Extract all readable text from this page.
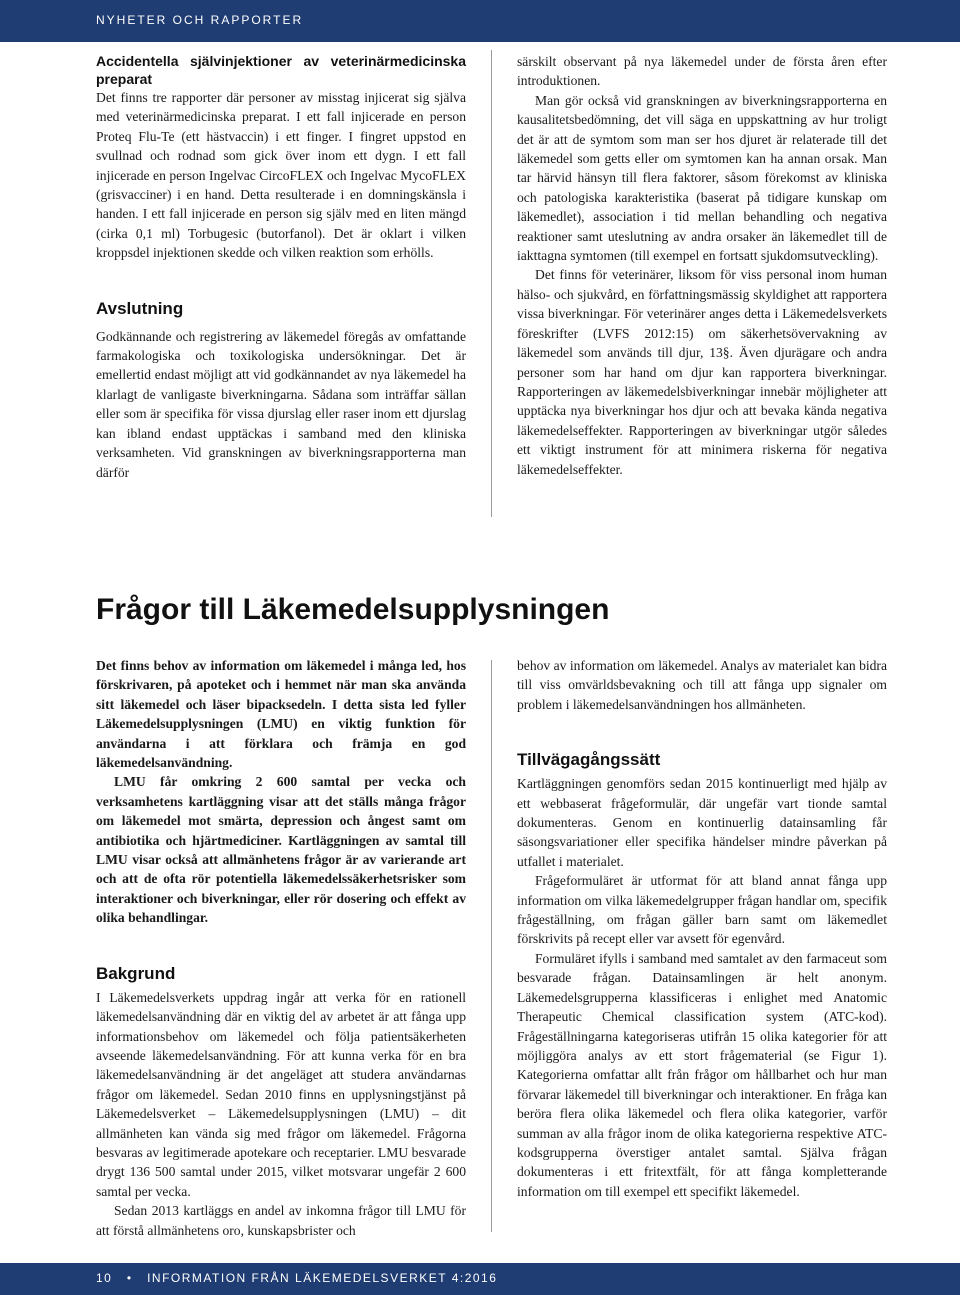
NYHETER OCH RAPPORTER
Accidentella självinjektioner av veterinärmedicinska preparat

Det finns tre rapporter där personer av misstag injicerat sig själva med veterinärmedicinska preparat. I ett fall injicerade en person Proteq Flu-Te (ett hästvaccin) i ett finger. I fingret uppstod en svullnad och rodnad som gick över inom ett dygn. I ett fall injicerade en person Ingelvac CircoFLEX och Ingelvac MycoFLEX (grisvacciner) i en hand. Detta resulterade i en domningskänsla i handen. I ett fall injicerade en person sig själv med en liten mängd (cirka 0,1 ml) Torbugesic (butorfanol). Det är oklart i vilken kroppsdel injektionen skedde och vilken reaktion som erhölls.

Avslutning

Godkännande och registrering av läkemedel föregås av omfattande farmakologiska och toxikologiska undersökningar. Det är emellertid endast möjligt att vid godkännandet av nya läkemedel ha klarlagt de vanligaste biverkningarna. Sådana som inträffar sällan eller som är specifika för vissa djurslag eller raser inom ett djurslag kan ibland endast upptäckas i samband med den kliniska verksamheten. Vid granskningen av biverkningsrapporterna man därför

särskilt observant på nya läkemedel under de första åren efter introduktionen.

Man gör också vid granskningen av biverkningsrapporterna en kausalitetsbedömning, det vill säga en uppskattning av hur troligt det är att de symtom som man ser hos djuret är relaterade till det läkemedel som getts eller om symtomen kan ha annan orsak. Man tar härvid hänsyn till flera faktorer, såsom förekomst av kliniska och patologiska karakteristika (baserat på tidigare kunskap om läkemedlet), association i tid mellan behandling och negativa reaktioner samt uteslutning av andra orsaker än läkemedlet till de iakttagna symtomen (till exempel en fortsatt sjukdomsutveckling).

Det finns för veterinärer, liksom för viss personal inom human hälso- och sjukvård, en författningsmässig skyldighet att rapportera vissa biverkningar. För veterinärer anges detta i Läkemedelsverkets föreskrifter (LVFS 2012:15) om säkerhetsövervakning av läkemedel som används till djur, 13§. Även djurägare och andra personer som har hand om djur kan rapportera biverkningar. Rapporteringen av läkemedelsbiverkningar innebär möjligheter att upptäcka nya biverkningar hos djur och att bevaka kända negativa läkemedelseffekter. Rapporteringen av biverkningar utgör således ett viktigt instrument för att minimera riskerna för negativa läkemedelseffekter.

Frågor till Läkemedelsupplysningen

Det finns behov av information om läkemedel i många led, hos förskrivaren, på apoteket och i hemmet när man ska använda sitt läkemedel och läser bipacksedeln. I detta sista led fyller Läkemedelsupplysningen (LMU) en viktig funktion för användarna i att förklara och främja en god läkemedelsanvändning.

LMU får omkring 2 600 samtal per vecka och verksamhetens kartläggning visar att det ställs många frågor om läkemedel mot smärta, depression och ångest samt om antibiotika och hjärtmediciner. Kartläggningen av samtal till LMU visar också att allmänhetens frågor är av varierande art och att de ofta rör potentiella läkemedelssäkerhetsrisker som interaktioner och biverkningar, eller rör dosering och effekt av olika behandlingar.

Bakgrund

I Läkemedelsverkets uppdrag ingår att verka för en rationell läkemedelsanvändning där en viktig del av arbetet är att fånga upp informationsbehov om läkemedel och följa patientsäkerheten avseende läkemedelsanvändning. För att kunna verka för en bra läkemedelsanvändning är det angeläget att studera användarnas frågor om läkemedel. Sedan 2010 finns en upplysningstjänst på Läkemedelsverket – Läkemedelsupplysningen (LMU) – dit allmänheten kan vända sig med frågor om läkemedel. Frågorna besvaras av legitimerade apotekare och receptarier. LMU besvarade drygt 136 500 samtal under 2015, vilket motsvarar ungefär 2 600 samtal per vecka.

Sedan 2013 kartläggs en andel av inkomna frågor till LMU för att förstå allmänhetens oro, kunskapsbrister och

behov av information om läkemedel. Analys av materialet kan bidra till viss omvärldsbevakning och till att fånga upp signaler om problem i läkemedelsanvändningen hos allmänheten.

Tillvägagångssätt

Kartläggningen genomförs sedan 2015 kontinuerligt med hjälp av ett webbaserat frågeformulär, där ungefär vart tionde samtal dokumenteras. Genom en kontinuerlig datainsamling får säsongsvariationer eller specifika händelser mindre påverkan på utfallet i materialet.

Frågeformuläret är utformat för att bland annat fånga upp information om vilka läkemedelgrupper frågan handlar om, specifik frågeställning, om frågan gäller barn samt om läkemedlet förskrivits på recept eller var avsett för egenvård.

Formuläret ifylls i samband med samtalet av den farmaceut som besvarade frågan. Datainsamlingen är helt anonym. Läkemedelsgrupperna klassificeras i enlighet med Anatomic Therapeutic Chemical classification system (ATC-kod). Frågeställningarna kategoriseras utifrån 15 olika kategorier för att möjliggöra analys av ett stort frågematerial (se Figur 1). Kategorierna omfattar allt från frågor om hållbarhet och hur man förvarar läkemedel till biverkningar och interaktioner. En fråga kan beröra flera olika läkemedel och flera olika kategorier, varför summan av alla frågor inom de olika kategorierna respektive ATC-kodsgrupperna överstiger antalet samtal. Själva frågan dokumenteras i ett fritextfält, för att fånga kompletterande information om till exempel ett specifikt läkemedel.

10 • INFORMATION FRÅN LÄKEMEDELSVERKET 4:2016
